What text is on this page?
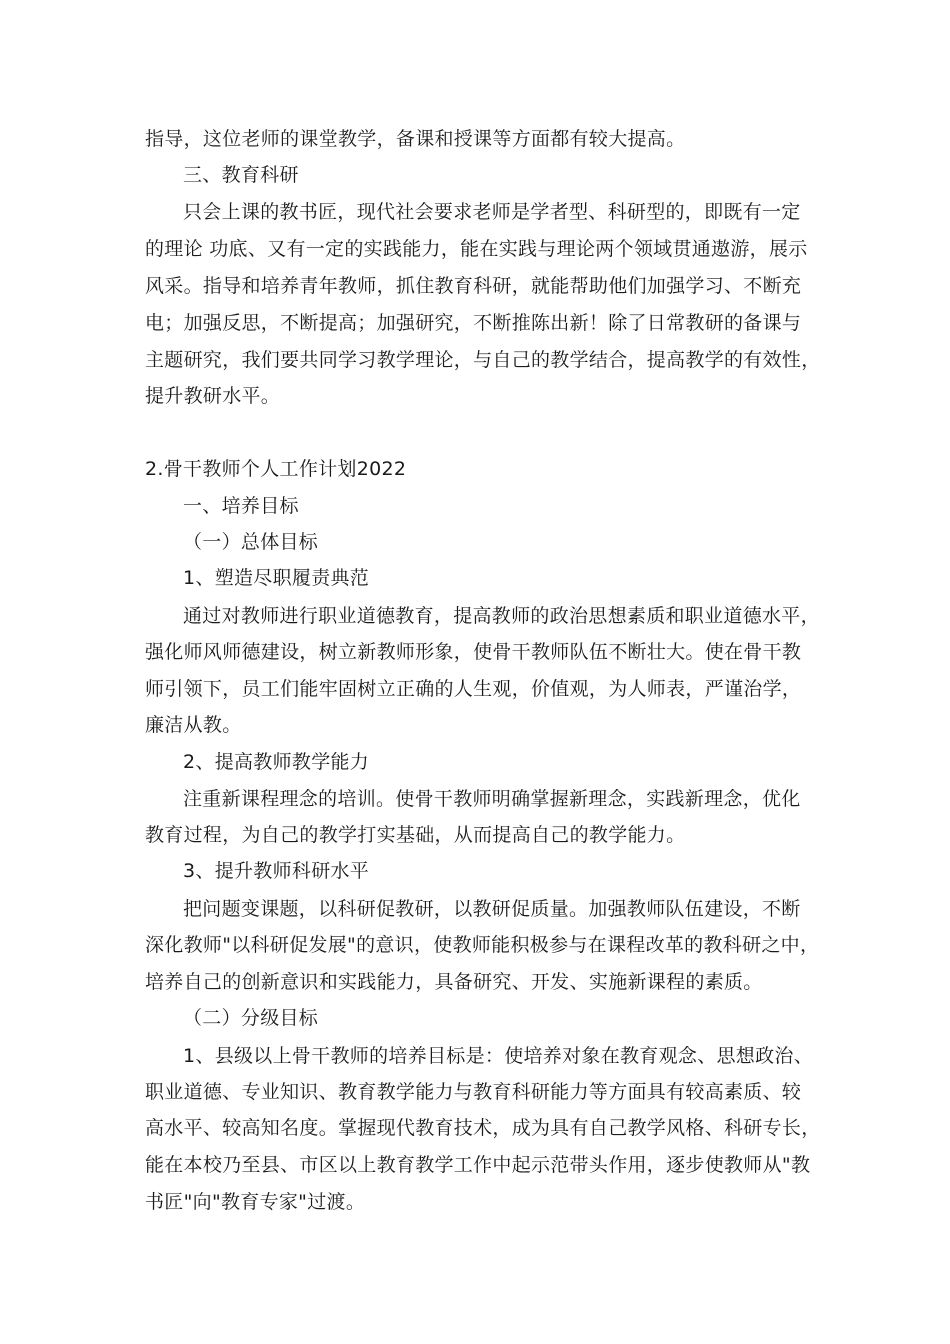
指导，这位老师的课堂教学，备课和授课等方面都有较大提高。
三、教育科研
只会上课的教书匠，现代社会要求老师是学者型、科研型的，即既有一定
的理论 功底、又有一定的实践能力，能在实践与理论两个领域贯通遨游，展示
风采。指导和培养青年教师，抓住教育科研，就能帮助他们加强学习、不断充
电；加强反思，不断提高；加强研究，不断推陈出新！除了日常教研的备课与
主题研究，我们要共同学习教学理论，与自己的教学结合，提高教学的有效性，
提升教研水平。
2.骨干教师个人工作计划2022
一、培养目标
（一）总体目标
1、塑造尽职履责典范
通过对教师进行职业道德教育，提高教师的政治思想素质和职业道德水平，
强化师风师德建设，树立新教师形象，使骨干教师队伍不断壮大。使在骨干教
师引领下，员工们能牢固树立正确的人生观，价值观，为人师表，严谨治学，
廉洁从教。
2、提高教师教学能力
注重新课程理念的培训。使骨干教师明确掌握新理念，实践新理念，优化
教育过程，为自己的教学打实基础，从而提高自己的教学能力。
3、提升教师科研水平
把问题变课题，以科研促教研，以教研促质量。加强教师队伍建设，不断
深化教师"以科研促发展"的意识，使教师能积极参与在课程改革的教科研之中，
培养自己的创新意识和实践能力，具备研究、开发、实施新课程的素质。
（二）分级目标
1、县级以上骨干教师的培养目标是：使培养对象在教育观念、思想政治、
职业道德、专业知识、教育教学能力与教育科研能力等方面具有较高素质、较
高水平、较高知名度。掌握现代教育技术，成为具有自己教学风格、科研专长，
能在本校乃至县、市区以上教育教学工作中起示范带头作用，逐步使教师从"教
书匠"向"教育专家"过渡。
